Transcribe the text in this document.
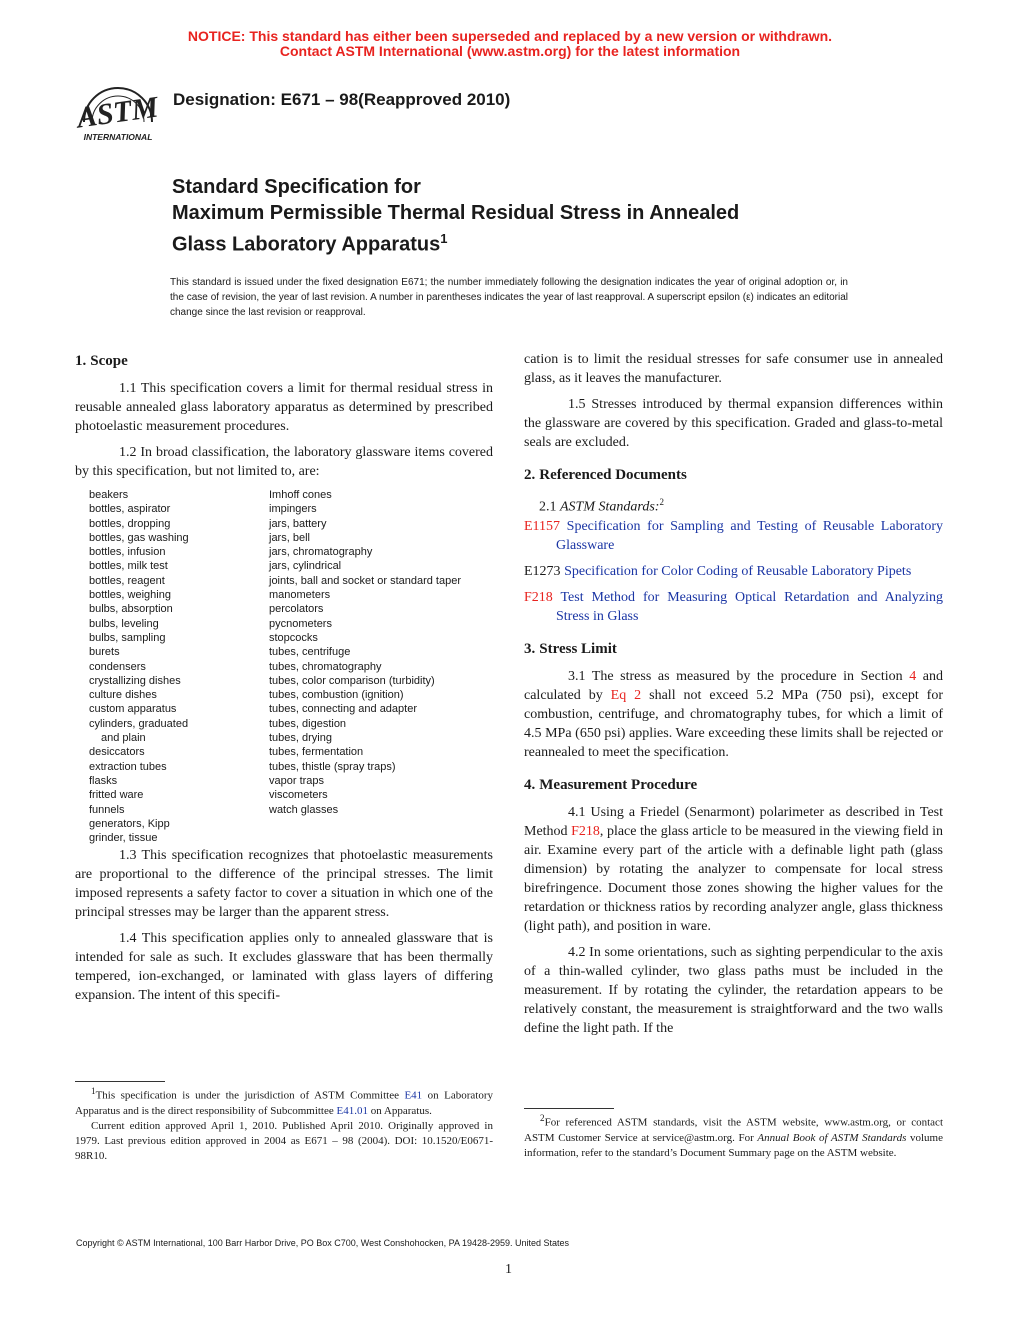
NOTICE: This standard has either been superseded and replaced by a new version or withdrawn.
Contact ASTM International (www.astm.org) for the latest information
ASTM
INTERNATIONAL
Designation: E671 – 98(Reapproved 2010)
Standard Specification for
Maximum Permissible Thermal Residual Stress in Annealed
Glass Laboratory Apparatus$^1$
This standard is issued under the fixed designation E671; the number immediately following the designation indicates the year of original adoption or, in the case of revision, the year of last revision. A number in parentheses indicates the year of last reapproval. A superscript epsilon (ε) indicates an editorial change since the last revision or reapproval.
1. Scope

1.1 This specification covers a limit for thermal residual stress in reusable annealed glass laboratory apparatus as determined by prescribed photoelastic measurement procedures.

1.2 In broad classification, the laboratory glassware items covered by this specification, but not limited to, are:

beakers
bottles, aspirator
bottles, dropping
bottles, gas washing
bottles, infusion
bottles, milk test
bottles, reagent
bottles, weighing
bulbs, absorption
bulbs, leveling
bulbs, sampling
burets
condensers
crystallizing dishes
culture dishes
custom apparatus
cylinders, graduated
and plain
desiccators
extraction tubes
flasks
fritted ware
funnels
generators, Kipp
grinder, tissue
Imhoff cones
impingers
jars, battery
jars, bell
jars, chromatography
jars, cylindrical
joints, ball and socket or standard taper
manometers
percolators
pycnometers
stopcocks
tubes, centrifuge
tubes, chromatography
tubes, color comparison (turbidity)
tubes, combustion (ignition)
tubes, connecting and adapter
tubes, digestion
tubes, drying
tubes, fermentation
tubes, thistle (spray traps)
vapor traps
viscometers
watch glasses

1.3 This specification recognizes that photoelastic measurements are proportional to the difference of the principal stresses. The limit imposed represents a safety factor to cover a situation in which one of the principal stresses may be larger than the apparent stress.

1.4 This specification applies only to annealed glassware that is intended for sale as such. It excludes glassware that has been thermally tempered, ion-exchanged, or laminated with glass layers of differing expansion. The intent of this specifi-

$^1$This specification is under the jurisdiction of ASTM Committee E41 on Laboratory Apparatus and is the direct responsibility of Subcommittee E41.01 on Apparatus.
Current edition approved April 1, 2010. Published April 2010. Originally approved in 1979. Last previous edition approved in 2004 as E671 – 98 (2004). DOI: 10.1520/E0671-98R10.

cation is to limit the residual stresses for safe consumer use in annealed glass, as it leaves the manufacturer.

1.5 Stresses introduced by thermal expansion differences within the glassware are covered by this specification. Graded and glass-to-metal seals are excluded.

2. Referenced Documents

2.1 ASTM Standards:$^2$

E1157 Specification for Sampling and Testing of Reusable Laboratory Glassware

E1273 Specification for Color Coding of Reusable Laboratory Pipets

F218 Test Method for Measuring Optical Retardation and Analyzing Stress in Glass

3. Stress Limit

3.1 The stress as measured by the procedure in Section 4 and calculated by Eq 2 shall not exceed 5.2 MPa (750 psi), except for combustion, centrifuge, and chromatography tubes, for which a limit of 4.5 MPa (650 psi) applies. Ware exceeding these limits shall be rejected or reannealed to meet the specification.

4. Measurement Procedure

4.1 Using a Friedel (Senarmont) polarimeter as described in Test Method F218, place the glass article to be measured in the viewing field in air. Examine every part of the article with a definable light path (glass dimension) by rotating the analyzer to compensate for local stress birefringence. Document those zones showing the higher values for the retardation or thickness ratios by recording analyzer angle, glass thickness (light path), and position in ware.

4.2 In some orientations, such as sighting perpendicular to the axis of a thin-walled cylinder, two glass paths must be included in the measurement. If by rotating the cylinder, the retardation appears to be relatively constant, the measurement is straightforward and the two walls define the light path. If the

$^2$For referenced ASTM standards, visit the ASTM website, www.astm.org, or contact ASTM Customer Service at service@astm.org. For Annual Book of ASTM Standards volume information, refer to the standard’s Document Summary page on the ASTM website.
Copyright © ASTM International, 100 Barr Harbor Drive, PO Box C700, West Conshohocken, PA 19428-2959. United States
1
